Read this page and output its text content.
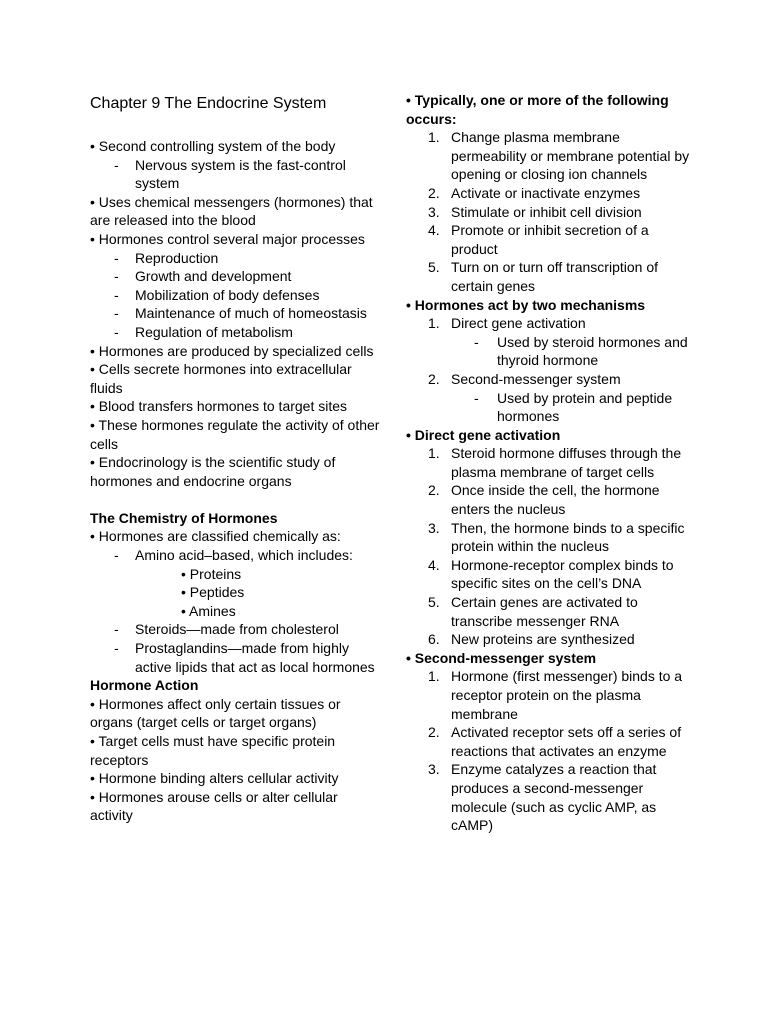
Chapter 9 The Endocrine System
• Second controlling system of the body
- Nervous system is the fast-control system
• Uses chemical messengers (hormones) that are released into the blood
• Hormones control several major processes
- Reproduction
- Growth and development
- Mobilization of body defenses
- Maintenance of much of homeostasis
- Regulation of metabolism
• Hormones are produced by specialized cells
• Cells secrete hormones into extracellular fluids
• Blood transfers hormones to target sites
• These hormones regulate the activity of other cells
• Endocrinology is the scientific study of hormones and endocrine organs
The Chemistry of Hormones
• Hormones are classified chemically as:
- Amino acid–based, which includes:
• Proteins
• Peptides
• Amines
- Steroids—made from cholesterol
- Prostaglandins—made from highly active lipids that act as local hormones
Hormone Action
• Hormones affect only certain tissues or organs (target cells or target organs)
• Target cells must have specific protein receptors
• Hormone binding alters cellular activity
• Hormones arouse cells or alter cellular activity
• Typically, one or more of the following occurs:
1. Change plasma membrane permeability or membrane potential by opening or closing ion channels
2. Activate or inactivate enzymes
3. Stimulate or inhibit cell division
4. Promote or inhibit secretion of a product
5. Turn on or turn off transcription of certain genes
• Hormones act by two mechanisms
1. Direct gene activation
- Used by steroid hormones and thyroid hormone
2. Second-messenger system
- Used by protein and peptide hormones
• Direct gene activation
1. Steroid hormone diffuses through the plasma membrane of target cells
2. Once inside the cell, the hormone enters the nucleus
3. Then, the hormone binds to a specific protein within the nucleus
4. Hormone-receptor complex binds to specific sites on the cell’s DNA
5. Certain genes are activated to transcribe messenger RNA
6. New proteins are synthesized
• Second-messenger system
1. Hormone (first messenger) binds to a receptor protein on the plasma membrane
2. Activated receptor sets off a series of reactions that activates an enzyme
3. Enzyme catalyzes a reaction that produces a second-messenger molecule (such as cyclic AMP, as cAMP)
